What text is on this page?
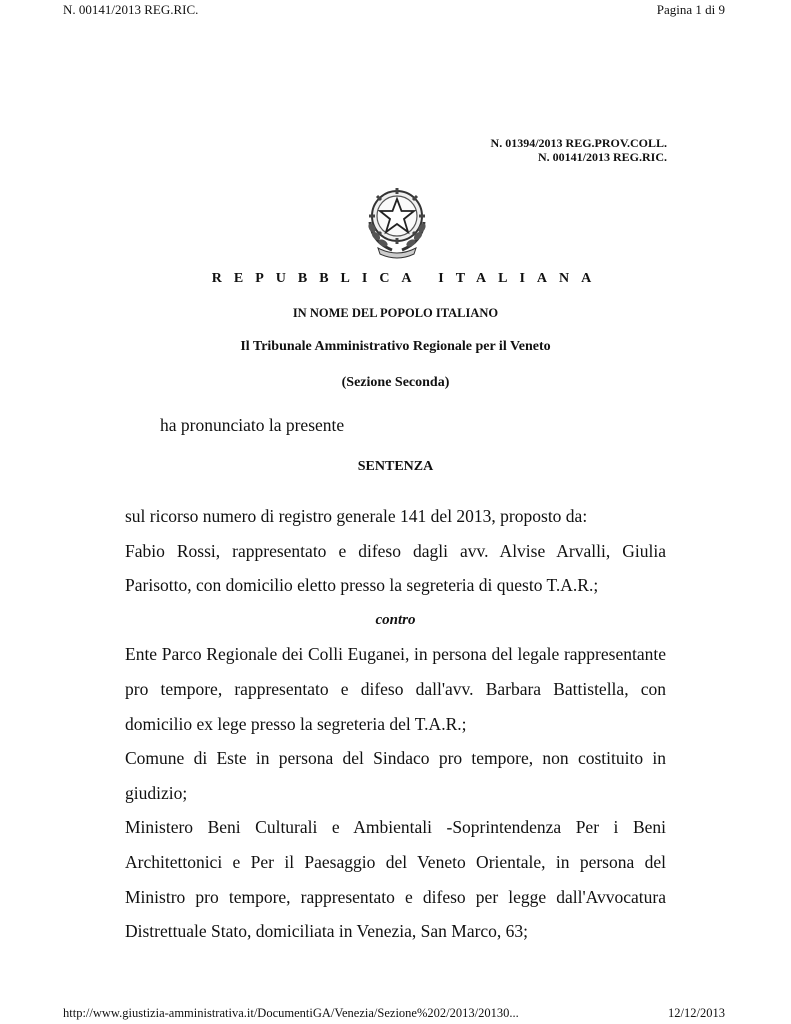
N. 00141/2013 REG.RIC.	Pagina 1 di 9
N. 01394/2013 REG.PROV.COLL.
N. 00141/2013 REG.RIC.
REPUBBLICA ITALIANA
IN NOME DEL POPOLO ITALIANO
Il Tribunale Amministrativo Regionale per il Veneto
(Sezione Seconda)
ha pronunciato la presente
SENTENZA

sul ricorso numero di registro generale 141 del 2013, proposto da:

Fabio Rossi, rappresentato e difeso dagli avv. Alvise Arvalli, Giulia Parisotto, con domicilio eletto presso la segreteria di questo T.A.R.;

contro

Ente Parco Regionale dei Colli Euganei, in persona del legale rappresentante pro tempore, rappresentato e difeso dall'avv. Barbara Battistella, con domicilio ex lege presso la segreteria del T.A.R.;

Comune di Este in persona del Sindaco pro tempore, non costituito in giudizio;

Ministero Beni Culturali e Ambientali -Soprintendenza Per i Beni Architettonici e Per il Paesaggio del Veneto Orientale, in persona del Ministro pro tempore, rappresentato e difeso per legge dall'Avvocatura Distrettuale Stato, domiciliata in Venezia, San Marco, 63;

http://www.giustizia-amministrativa.it/DocumentiGA/Venezia/Sezione%202/2013/20130...	12/12/2013
